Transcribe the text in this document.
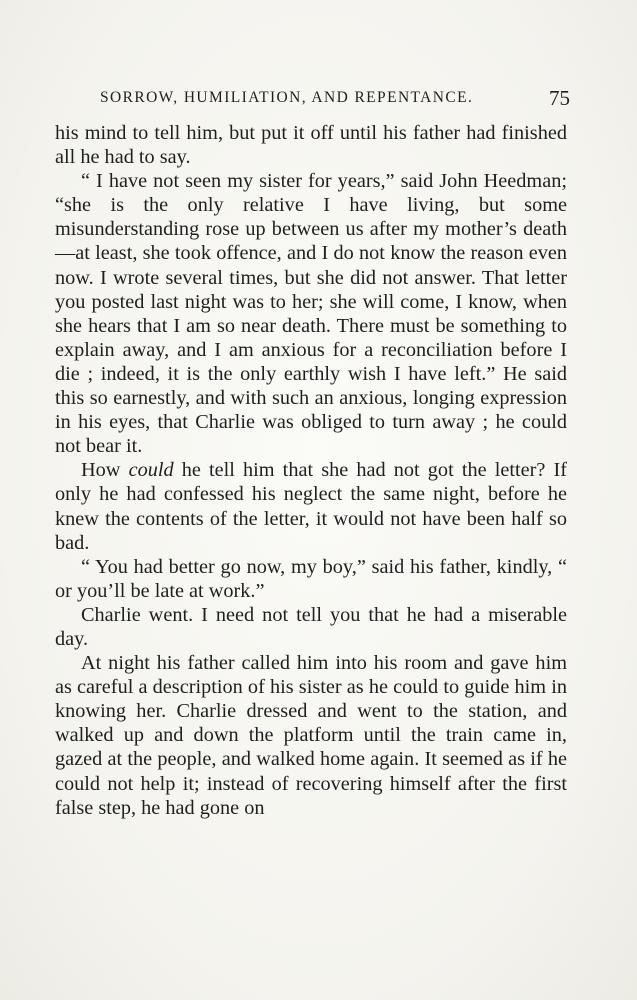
SORROW, HUMILIATION, AND REPENTANCE.	75

his mind to tell him, but put it off until his father had finished all he had to say.

“ I have not seen my sister for years,” said John Heedman; “she is the only relative I have living, but some misunderstanding rose up between us after my mother’s death—at least, she took offence, and I do not know the reason even now. I wrote several times, but she did not answer. That letter you posted last night was to her; she will come, I know, when she hears that I am so near death. There must be something to explain away, and I am anxious for a reconciliation before I die ; indeed, it is the only earthly wish I have left.” He said this so earnestly, and with such an anxious, longing expression in his eyes, that Charlie was obliged to turn away ; he could not bear it.

How could he tell him that she had not got the letter? If only he had confessed his neglect the same night, before he knew the contents of the letter, it would not have been half so bad.

“ You had better go now, my boy,” said his father, kindly, “ or you’ll be late at work.”

Charlie went. I need not tell you that he had a miserable day.

At night his father called him into his room and gave him as careful a description of his sister as he could to guide him in knowing her. Charlie dressed and went to the station, and walked up and down the platform until the train came in, gazed at the people, and walked home again. It seemed as if he could not help it; instead of recovering himself after the first false step, he had gone on
